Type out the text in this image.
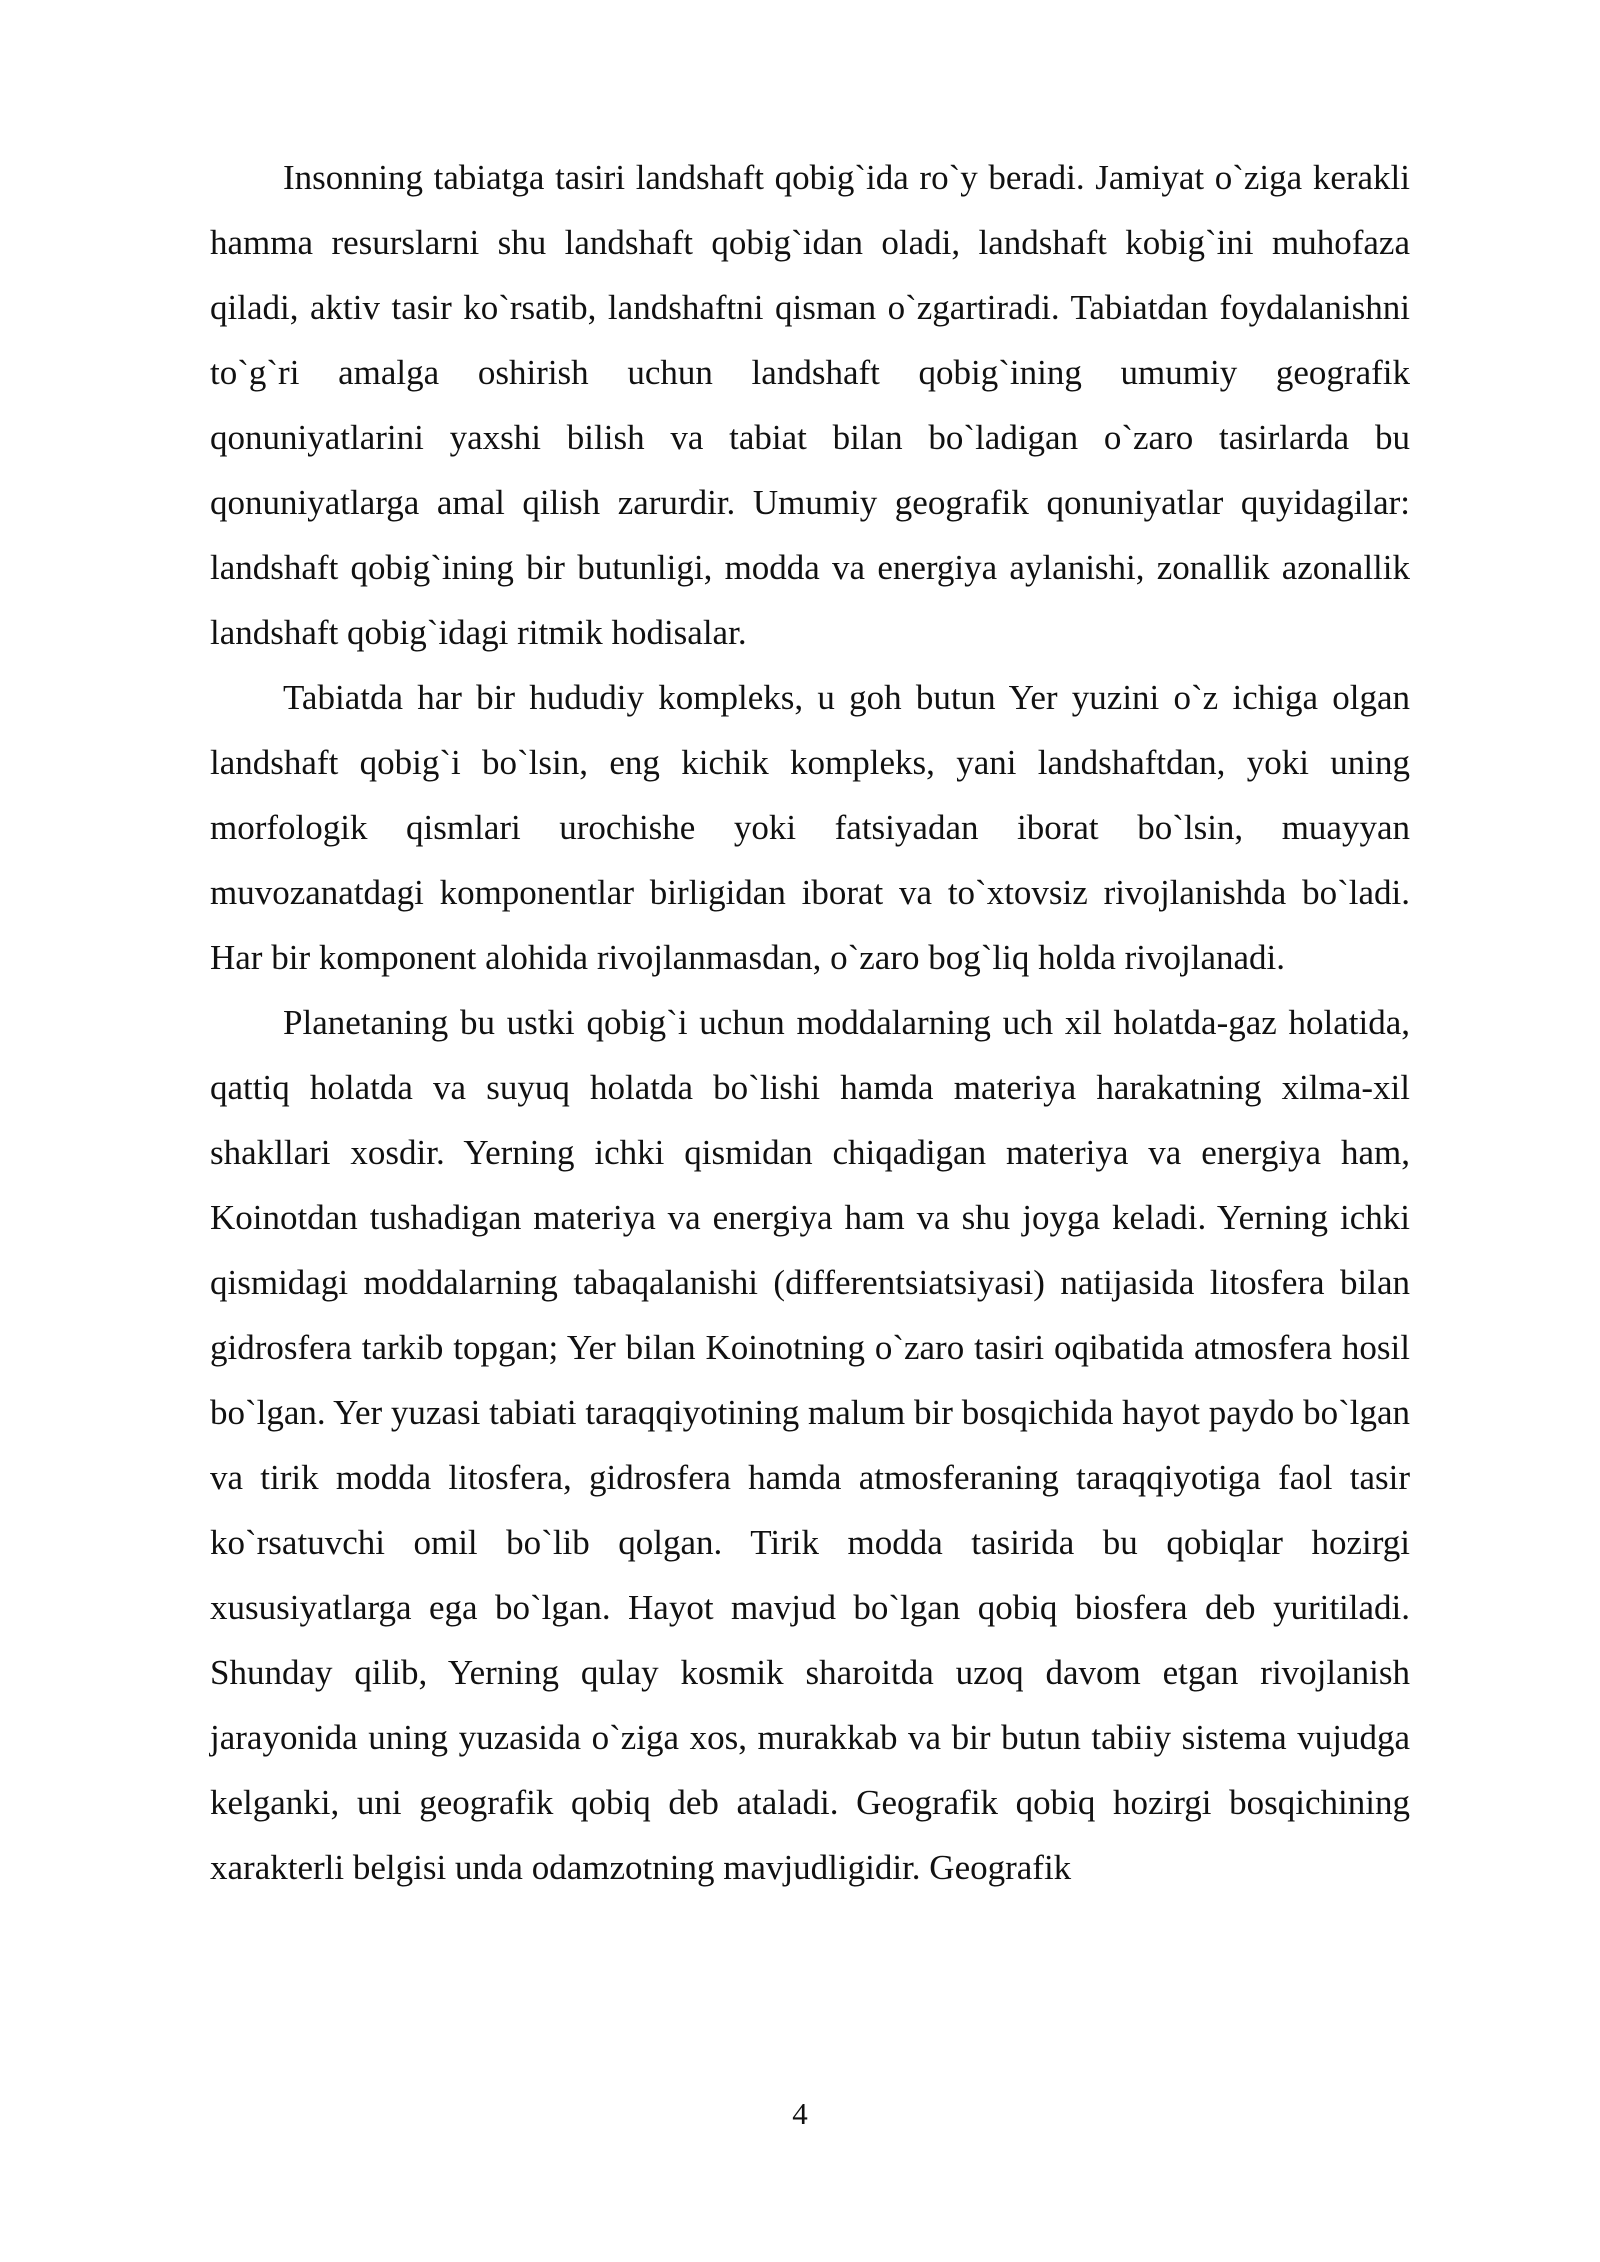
Insonning tabiatga tasiri landshaft qobig`ida ro`y beradi. Jamiyat o`ziga kerakli hamma resurslarni shu landshaft qobig`idan oladi, landshaft kobig`ini muhofaza qiladi, aktiv tasir ko`rsatib, landshaftni qisman o`zgartiradi. Tabiatdan foydalanishni to`g`ri amalga oshirish uchun landshaft qobig`ining umumiy geografik qonuniyatlarini yaxshi bilish va tabiat bilan bo`ladigan o`zaro tasirlarda bu qonuniyatlarga amal qilish zarurdir. Umumiy geografik qonuniyatlar quyidagilar: landshaft qobig`ining bir butunligi, modda va energiya aylanishi, zonallik azonallik landshaft qobig`idagi ritmik hodisalar.

Tabiatda har bir hududiy kompleks, u goh butun Yer yuzini o`z ichiga olgan landshaft qobig`i bo`lsin, eng kichik kompleks, yani landshaftdan, yoki uning morfologik qismlari urochishe yoki fatsiyadan iborat bo`lsin, muayyan muvozanatdagi komponentlar birligidan iborat va to`xtovsiz rivojlanishda bo`ladi. Har bir komponent alohida rivojlanmasdan, o`zaro bog`liq holda rivojlanadi.

Planetaning bu ustki qobig`i uchun moddalarning uch xil holatda-gaz holatida, qattiq holatda va suyuq holatda bo`lishi hamda materiya harakatning xilma-xil shakllari xosdir. Yerning ichki qismidan chiqadigan materiya va energiya ham, Koinotdan tushadigan materiya va energiya ham va shu joyga keladi. Yerning ichki qismidagi moddalarning tabaqalanishi (differentsiatsiyasi) natijasida litosfera bilan gidrosfera tarkib topgan; Yer bilan Koinotning o`zaro tasiri oqibatida atmosfera hosil bo`lgan. Yer yuzasi tabiati taraqqiyotining malum bir bosqichida hayot paydo bo`lgan va tirik modda litosfera, gidrosfera hamda atmosferaning taraqqiyotiga faol tasir ko`rsatuvchi omil bo`lib qolgan. Tirik modda tasirida bu qobiqlar hozirgi xususiyatlarga ega bo`lgan. Hayot mavjud bo`lgan qobiq biosfera deb yuritiladi. Shunday qilib, Yerning qulay kosmik sharoitda uzoq davom etgan rivojlanish jarayonida uning yuzasida o`ziga xos, murakkab va bir butun tabiiy sistema vujudga kelganki, uni geografik qobiq deb ataladi. Geografik qobiq hozirgi bosqichining xarakterli belgisi unda odamzotning mavjudligidir. Geografik

4
